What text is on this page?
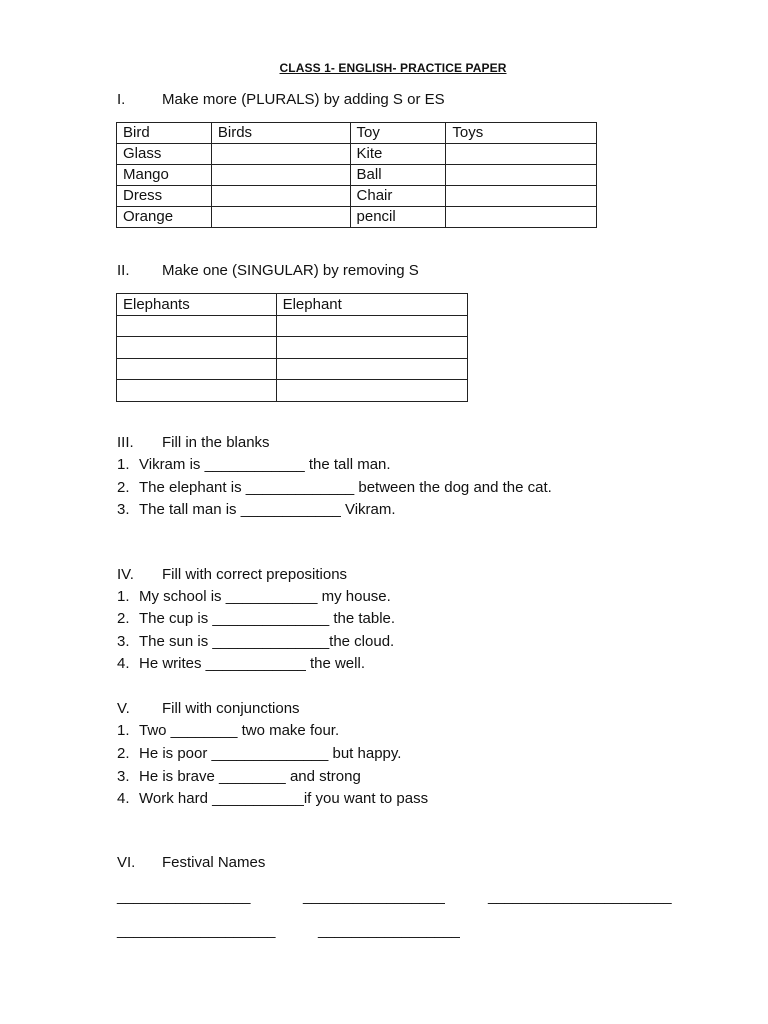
CLASS 1- ENGLISH- PRACTICE PAPER
I. Make more (PLURALS) by adding S or ES
Bird	Birds	Toy	Toys
Glass		Kite	
Mango		Ball	
Dress		Chair	
Orange		pencil	
II. Make one (SINGULAR) by removing S
Elephants	Elephant

III. Fill in the blanks
1. Vikram is ____________ the tall man.
2. The elephant is _____________ between the dog and the cat.
3. The tall man is ____________ Vikram.
IV. Fill with correct prepositions
1. My school is ___________ my house.
2. The cup is ______________ the table.
3. The sun is ______________the cloud.
4. He writes ____________ the well.
V. Fill with conjunctions
1. Two ________ two make four.
2. He is poor ______________ but happy.
3. He is brave ________ and strong
4. Work hard ___________if you want to pass
VI. Festival Names
________________	_________________	______________________
___________________	_________________
